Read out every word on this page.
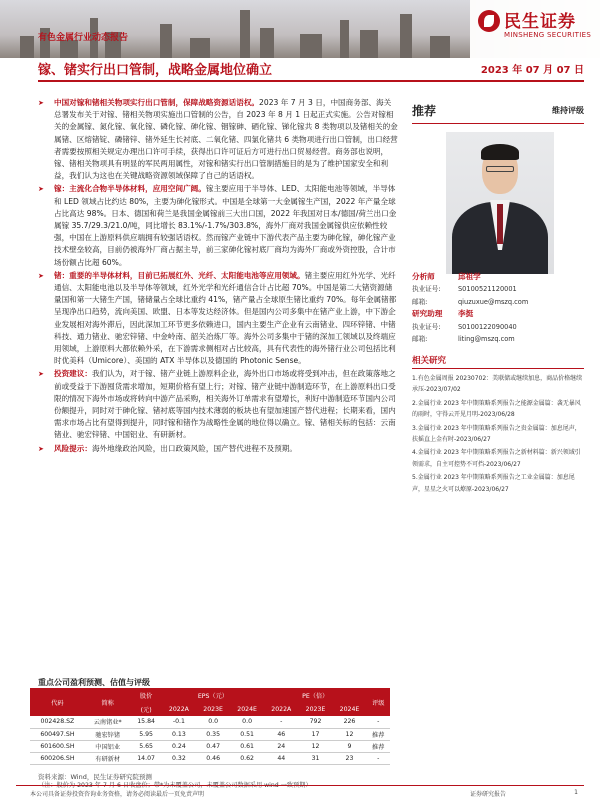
民生证券
MINSHENG SECURITIES
有色金属行业动态报告
镓、锗实行出口管制，战略金属地位确立	2023 年 07 月 07 日
➤ 中国对镓和锗相关物项实行出口管制，保障战略资源话语权。2023 年 7 月 3 日，中国商务部、海关总署发布关于对镓、锗相关物项实施出口管制的公告，自 2023 年 8 月 1 日起正式实施。公告对镓相关的金属镓、氮化镓、氧化镓、磷化镓、砷化镓、铟镓砷、硒化镓、锑化镓共 8 类物项以及锗相关的金属锗、区熔锗锭、磷锗锌、锗外延生长衬底、二氧化锗、四氯化锗共 6 类物项进行出口管制，出口经营者需要按照相关规定办理出口许可手续，获得出口许可证后方可进行出口贸易经营。商务部也说明，镓、锗相关物项具有明显的军民两用属性，对镓和锗实行出口管制措施目的是为了维护国家安全和利益，我们认为这也在关键战略资源领域保障了自己的话语权。
➤ 镓：主流化合物半导体材料，应用空间广阔。镓主要应用于半导体、LED、太阳能电池等领域，半导体和 LED 领域占比约达 80%，主要为砷化镓形式。中国是全球第一大金属镓生产国，2022 年产量全球占比高达 98%。日本、德国和荷兰是我国金属镓前三大出口国，2022 年我国对日本/德国/荷兰出口金属镓 35.7/29.3/21.0/吨，同比增长 83.1%/-1.7%/303.8%，海外厂商对我国金属镓供应依赖性较强，中国在上游原料供应端拥有较强话语权。然而镓产业链中下游代表产品主要为砷化镓，砷化镓产业技术壁垒较高，目前仍被海外厂商占据主导，前三家砷化镓衬底厂商均为海外厂商或外资控股，合计市场份额占比超 60%。
➤ 锗：重要的半导体材料，目前已拓展红外、光纤、太阳能电池等应用领域。锗主要应用红外光学、光纤通信、太阳能电池以及半导体等领域，红外光学和光纤通信合计占比超 70%。中国是第二大锗资源储量国和第一大锗生产国，锗储量占全球比重约 41%，锗产量占全球原生锗比重约 70%。每年金属锗都呈现净出口趋势，流向美国、欧盟、日本等发达经济体。但是国内公司多集中在锗产业上游，中下游企业发展相对海外滞后，因此深加工环节更多依赖进口，国内主要生产企业有云南锗业、四环锌锗、中锗科技、通力锗业、驰宏锌锗、中金岭南、韶关冶炼厂等。海外公司多集中于锗的深加工领域以及终端应用领域，上游原料大都依赖外采，在下游需求侧相对占比较高，具有代表性的海外锗行业公司包括比利时优美科（Umicore）、美国的 ATX 半导体以及德国的 Photonic Sense。
➤ 投资建议：我们认为，对于镓、锗产业链上游原料企业，海外出口市场或将受到冲击，但在政策落地之前或受益于下游囤货需求增加，短期价格有望上行；对镓、锗产业链中游制造环节，在上游原料出口受限的情况下海外市场或将转向中游产品采购，相关海外订单需求有望增长，利好中游制造环节国内公司份额提升，同时对于砷化镓、锗衬底等国内技术薄弱的板块也有望加速国产替代进程；长期来看，国内需求市场占比有望得到提升，同时镓和锗作为战略性金属的地位得以确立。镓、锗相关标的包括：云南锗业、驰宏锌锗、中国铝业、有研新材。
➤ 风险提示：海外地缘政治风险，出口政策风险，国产替代进程不及预期。
重点公司盈利预测、估值与评级
代码	简称	股价	EPS（元）			PE（倍）			评级
		(元)	2022A	2023E	2024E	2022A	2023E	2024E	
002428.SZ	云南锗业*	15.84	-0.1	0.0	0.0	-	792	226	-
600497.SH	驰宏锌锗	5.95	0.13	0.35	0.51	46	17	12	推荐
601600.SH	中国铝业	5.65	0.24	0.47	0.61	24	12	9	推荐
600206.SH	有研新材	14.07	0.32	0.46	0.62	44	31	23	-
资料来源：Wind，民生证券研究院预测
推荐	维持评级
分析师	邱祖学
执业证号:	S0100521120001
邮箱:	qiuzuxue@mszq.com
研究助理 李挺
执业证号:	S0100122090040
邮箱:	liting@mszq.com
相关研究
1.有色金属周报 20230702：美联储或继续加息，商品价格继续承压-2023/07/02
2.金属行业 2023 年中期策略系列报告之能源金属篇：袭无暴风的雨时，守得云开见月明-2023/06/28
3.金属行业 2023 年中期策略系列报告之贵金属篇：加息尾声，扶摇直上金有时-2023/06/27
4.金属行业 2023 年中期策略系列报告之新材料篇：新兴领域引领需求，自主可控势不可挡-2023/06/27
5.金属行业 2023 年中期策略系列报告之工业金属篇：加息尾声，星星之火可以燎原-2023/06/27
本公司具备证券投资咨询业务资格，请务必阅读最后一页免责声明	证券研究报告	1
